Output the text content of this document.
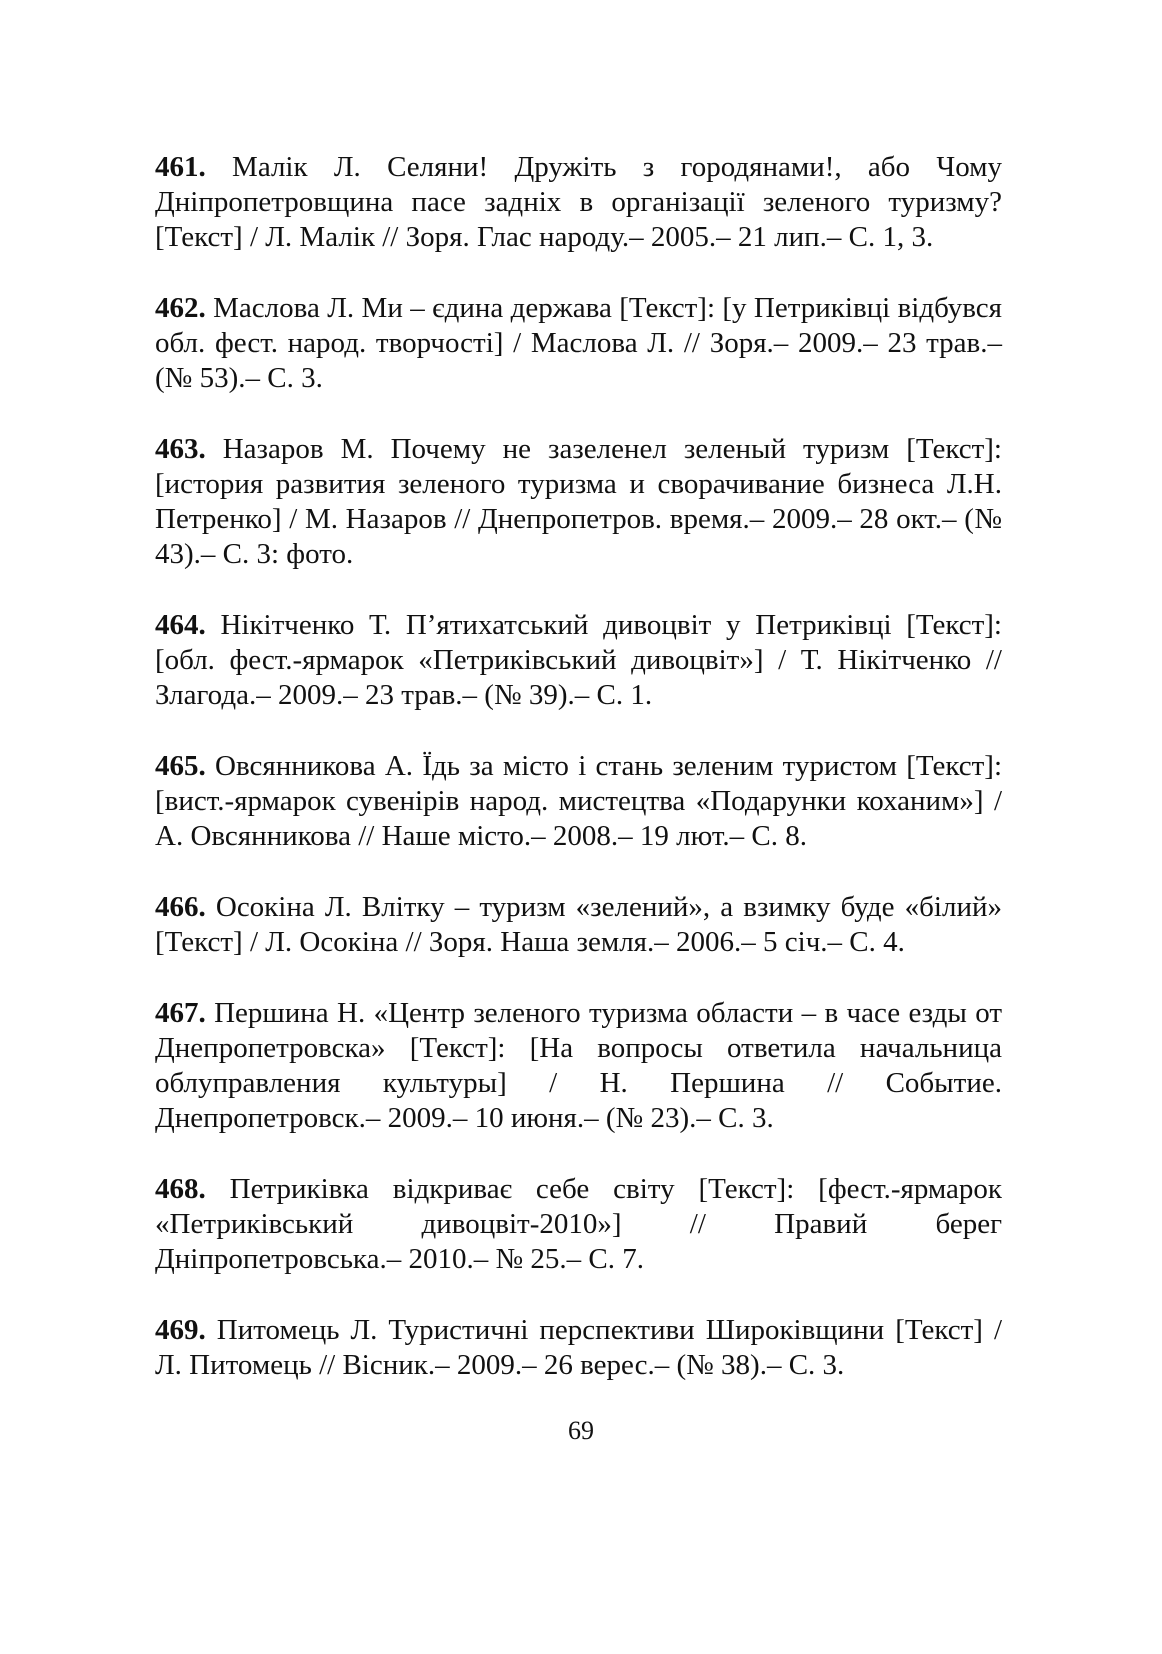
461. Малік Л. Селяни! Дружіть з городянами!, або Чому Дніпропетровщина пасе задніх в організації зеленого туризму? [Текст] / Л. Малік // Зоря. Глас народу.– 2005.– 21 лип.– С. 1, 3.

462. Маслова Л. Ми – єдина держава [Текст]: [у Петриківці відбувся обл. фест. народ. творчості] / Маслова Л. // Зоря.– 2009.– 23 трав.– (№ 53).– С. 3.

463. Назаров М. Почему не зазеленел зеленый туризм [Текст]: [история развития зеленого туризма и сворачивание бизнеса Л.Н. Петренко] / М. Назаров // Днепропетров. время.– 2009.– 28 окт.– (№ 43).– С. 3: фото.

464. Нікітченко Т. П’ятихатський дивоцвіт у Петриківці [Текст]: [обл. фест.-ярмарок «Петриківський дивоцвіт»] / Т. Нікітченко // Злагода.– 2009.– 23 трав.– (№ 39).– С. 1.

465. Овсянникова А. Їдь за місто і стань зеленим туристом [Текст]: [вист.-ярмарок сувенірів народ. мистецтва «Подарунки коханим»] / А. Овсянникова // Наше місто.– 2008.– 19 лют.– С. 8.

466. Осокіна Л. Влітку – туризм «зелений», а взимку буде «білий» [Текст] / Л. Осокіна // Зоря. Наша земля.– 2006.– 5 січ.– С. 4.

467. Першина Н. «Центр зеленого туризма области – в часе езды от Днепропетровска» [Текст]: [На вопросы ответила начальница облуправления культуры] / Н. Першина // Событие. Днепропетровск.– 2009.– 10 июня.– (№ 23).– С. 3.

468. Петриківка відкриває себе світу [Текст]: [фест.-ярмарок «Петриківський дивоцвіт-2010»] // Правий берег Дніпропетровська.– 2010.– № 25.– С. 7.

469. Питомець Л. Туристичні перспективи Широківщини [Текст] / Л. Питомець // Вісник.– 2009.– 26 верес.– (№ 38).– С. 3.

69
